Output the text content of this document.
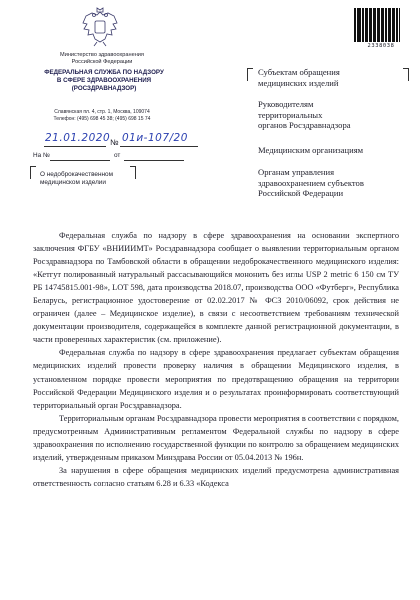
Министерство здравоохранения
Российской Федерации
ФЕДЕРАЛЬНАЯ СЛУЖБА ПО НАДЗОРУ
В СФЕРЕ ЗДРАВООХРАНЕНИЯ
(РОСЗДРАВНАДЗОР)
Славянская пл. 4, стр. 1, Москва, 109074
Телефон: (495) 698 45 38; (495) 698 15 74
21.01.2020 № 01и-107/20
На №	от
О недоброкачественном
медицинском изделии
2338038
Субъектам обращения
медицинских изделий
Руководителям
территориальных
органов Росздравнадзора
Медицинским организациям
Органам управления
здравоохранением субъектов
Российской Федерации

Федеральная служба по надзору в сфере здравоохранения на основании экспертного заключения ФГБУ «ВНИИИМТ» Росздравнадзора сообщает о выявлении территориальным органом Росздравнадзора по Тамбовской области в обращении недоброкачественного медицинского изделия: «Кетгут полированный натуральный рассасывающийся мононить без иглы USP 2 metric 6 150 см ТУ РБ 14745815.001-98», LOT 598, дата производства 2018.07, производства ООО «Футберг», Республика Беларусь, регистрационное удостоверение от 02.02.2017 № ФСЗ 2010/06092, срок действия не ограничен (далее – Медицинское изделие), в связи с несоответствием требованиям технической документации производителя, содержащейся в комплекте данной регистрационной документации, в части проверенных характеристик (см. приложение).

Федеральная служба по надзору в сфере здравоохранения предлагает субъектам обращения медицинских изделий провести проверку наличия в обращении Медицинского изделия, в установленном порядке провести мероприятия по предотвращению обращения на территории Российской Федерации Медицинского изделия и о результатах проинформировать соответствующий территориальный орган Росздравнадзора.

Территориальным органам Росздравнадзора провести мероприятия в соответствии с порядком, предусмотренным Административным регламентом Федеральной службы по надзору в сфере здравоохранения по исполнению государственной функции по контролю за обращением медицинских изделий, утвержденным приказом Минздрава России от 05.04.2013 № 196н.

За нарушения в сфере обращения медицинских изделий предусмотрена административная ответственность согласно статьям 6.28 и 6.33 «Кодекса
